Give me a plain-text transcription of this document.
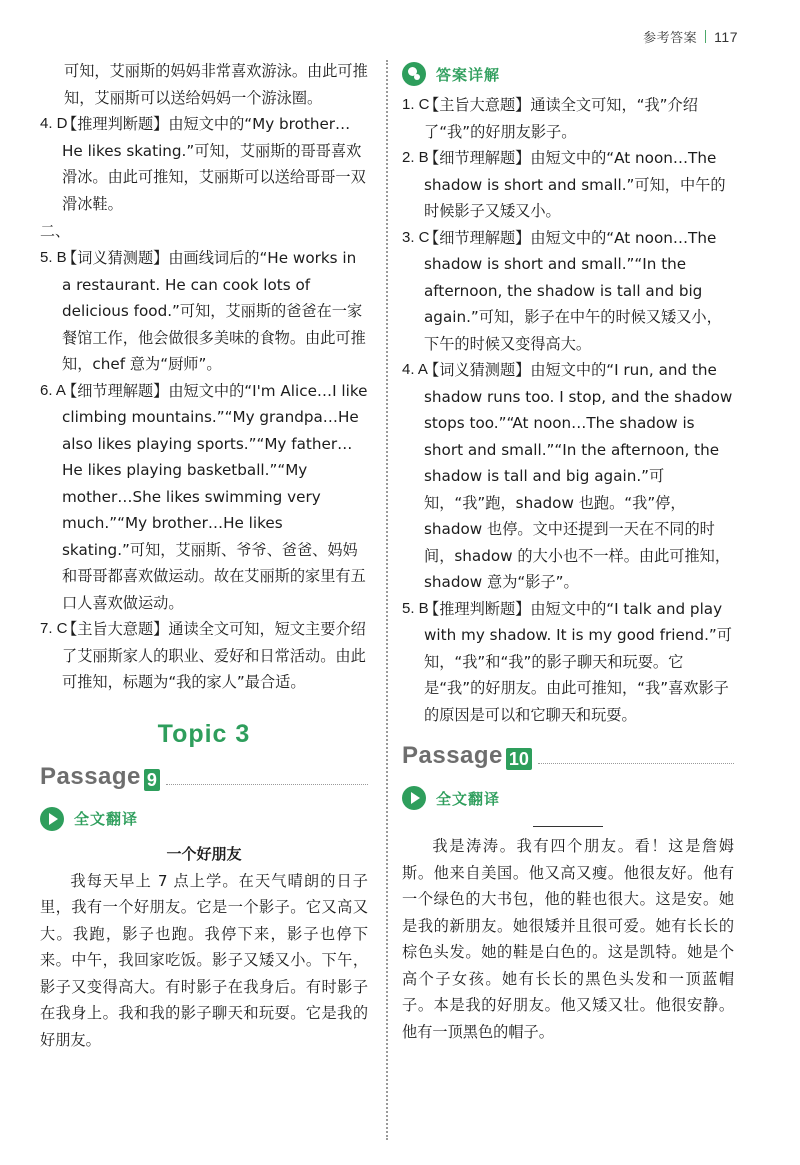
参考答案 117
可知，艾丽斯的妈妈非常喜欢游泳。由此可推知，艾丽斯可以送给妈妈一个游泳圈。
4. D
【推理判断题】由短文中的“My brother…He likes skating.”可知，艾丽斯的哥哥喜欢滑冰。由此可推知，艾丽斯可以送给哥哥一双滑冰鞋。
二、
5. B
【词义猜测题】由画线词后的“He works in a restaurant. He can cook lots of delicious food.”可知，艾丽斯的爸爸在一家餐馆工作，他会做很多美味的食物。由此可推知，chef 意为“厨师”。
6. A
【细节理解题】由短文中的“I'm Alice…I like climbing mountains.”“My grandpa…He also likes playing sports.”“My father…He likes playing basketball.”“My mother…She likes swimming very much.”“My brother…He likes skating.”可知，艾丽斯、爷爷、爸爸、妈妈和哥哥都喜欢做运动。故在艾丽斯的家里有五口人喜欢做运动。
7. C
【主旨大意题】通读全文可知，短文主要介绍了艾丽斯家人的职业、爱好和日常活动。由此可推知，标题为“我的家人”最合适。
Topic 3
Passage 9
全文翻译
一个好朋友

我每天早上 7 点上学。在天气晴朗的日子里，我有一个好朋友。它是一个影子。它又高又大。我跑，影子也跑。我停下来，影子也停下来。中午，我回家吃饭。影子又矮又小。下午，影子又变得高大。有时影子在我身后。有时影子在我身上。我和我的影子聊天和玩耍。它是我的好朋友。

答案详解
1. C
【主旨大意题】通读全文可知，“我”介绍了“我”的好朋友影子。
2. B
【细节理解题】由短文中的“At noon…The shadow is short and small.”可知，中午的时候影子又矮又小。
3. C
【细节理解题】由短文中的“At noon…The shadow is short and small.”“In the afternoon, the shadow is tall and big again.”可知，影子在中午的时候又矮又小，下午的时候又变得高大。
4. A
【词义猜测题】由短文中的“I run, and the shadow runs too. I stop, and the shadow stops too.”“At noon…The shadow is short and small.”“In the afternoon, the shadow is tall and big again.”可知，“我”跑，shadow 也跑。“我”停，shadow 也停。文中还提到一天在不同的时间，shadow 的大小也不一样。由此可推知，shadow 意为“影子”。
5. B
【推理判断题】由短文中的“I talk and play with my shadow. It is my good friend.”可知，“我”和“我”的影子聊天和玩耍。它是“我”的好朋友。由此可推知，“我”喜欢影子的原因是可以和它聊天和玩耍。
Passage 10
全文翻译

我是涛涛。我有四个朋友。看！这是詹姆斯。他来自美国。他又高又瘦。他很友好。他有一个绿色的大书包，他的鞋也很大。这是安。她是我的新朋友。她很矮并且很可爱。她有长长的棕色头发。她的鞋是白色的。这是凯特。她是个高个子女孩。她有长长的黑色头发和一顶蓝帽子。本是我的好朋友。他又矮又壮。他很安静。他有一顶黑色的帽子。
